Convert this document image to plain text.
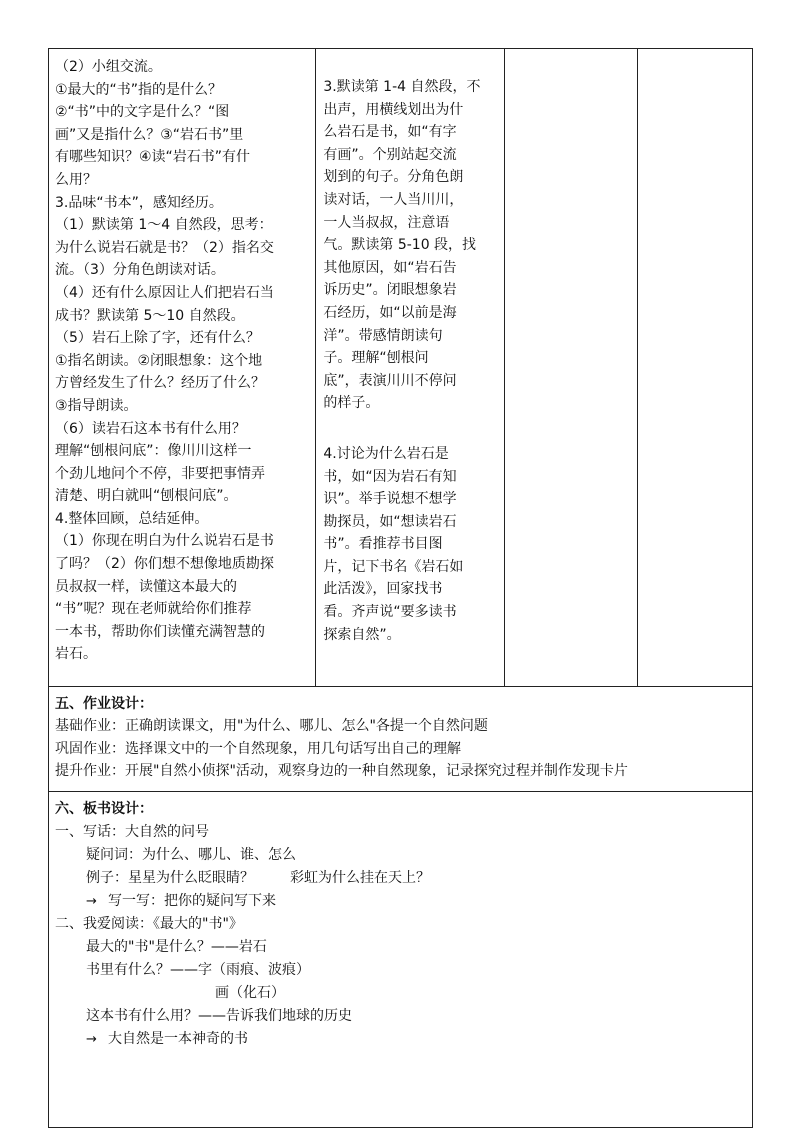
（2）小组交流。
①最大的“书”指的是什么？
②“书”中的文字是什么？“图
画”又是指什么？③“岩石书”里
有哪些知识？④读“岩石书”有什
么用？
3.品味“书本”，感知经历。
（1）默读第 1～4 自然段，思考：
为什么说岩石就是书？（2）指名交
流。（3）分角色朗读对话。
（4）还有什么原因让人们把岩石当
成书？默读第 5～10 自然段。
（5）岩石上除了字，还有什么？
①指名朗读。②闭眼想象：这个地
方曾经发生了什么？经历了什么？
③指导朗读。
（6）读岩石这本书有什么用？
理解“刨根问底”：像川川这样一
个劲儿地问个不停，非要把事情弄
清楚、明白就叫“刨根问底”。
4.整体回顾，总结延伸。
（1）你现在明白为什么说岩石是书
了吗？（2）你们想不想像地质勘探
员叔叔一样，读懂这本最大的
“书”呢？现在老师就给你们推荐
一本书，帮助你们读懂充满智慧的
岩石。

3.默读第 1-4 自然段，不
出声，用横线划出为什
么岩石是书，如“有字
有画”。个别站起交流
划到的句子。分角色朗
读对话，一人当川川，
一人当叔叔，注意语
气。默读第 5-10 段，找
其他原因，如“岩石告
诉历史”。闭眼想象岩
石经历，如“以前是海
洋”。带感情朗读句
子。理解“刨根问
底”，表演川川不停问
的样子。
4.讨论为什么岩石是
书，如“因为岩石有知
识”。举手说想不想学
勘探员，如“想读岩石
书”。看推荐书目图
片，记下书名《岩石如
此活泼》，回家找书
看。齐声说“要多读书
探索自然”。

五、作业设计：
基础作业：正确朗读课文，用"为什么、哪儿、怎么"各提一个自然问题
巩固作业：选择课文中的一个自然现象，用几句话写出自己的理解
提升作业：开展"自然小侦探"活动，观察身边的一种自然现象，记录探究过程并制作发现卡片

六、板书设计：
一、写话：大自然的问号
疑问词：为什么、哪儿、谁、怎么
例子：星星为什么眨眼睛？	彩虹为什么挂在天上？
→ 写一写：把你的疑问写下来
二、我爱阅读：《最大的"书"》
最大的"书"是什么？——岩石
书里有什么？——字（雨痕、波痕）
画（化石）
这本书有什么用？——告诉我们地球的历史
→ 大自然是一本神奇的书
